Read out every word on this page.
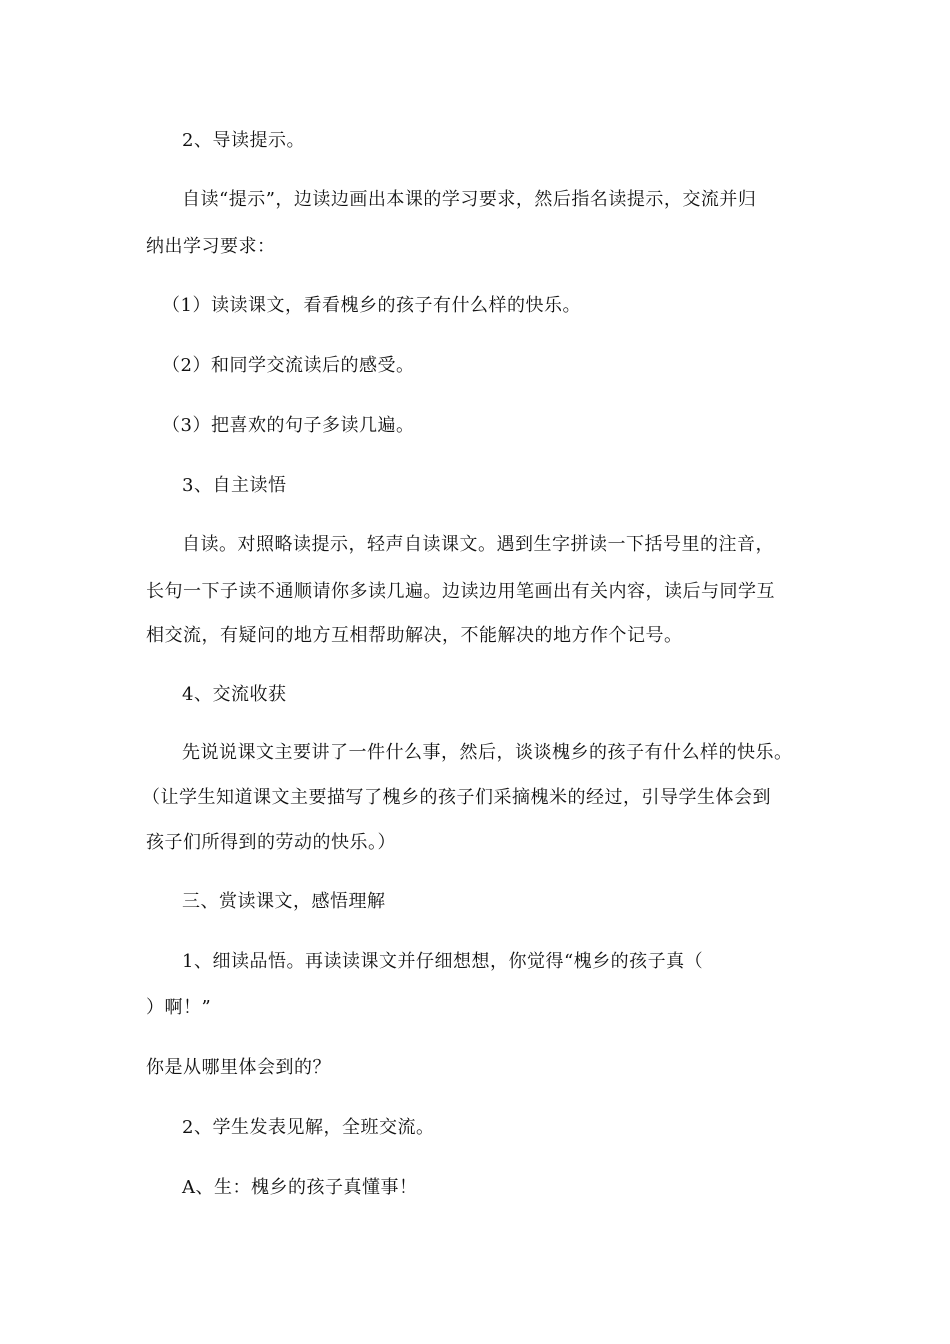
2、导读提示。
自读“提示”，边读边画出本课的学习要求，然后指名读提示，交流并归
纳出学习要求：
（1）读读课文，看看槐乡的孩子有什么样的快乐。
（2）和同学交流读后的感受。
（3）把喜欢的句子多读几遍。
3、自主读悟
自读。对照略读提示，轻声自读课文。遇到生字拼读一下括号里的注音，
长句一下子读不通顺请你多读几遍。边读边用笔画出有关内容，读后与同学互
相交流，有疑问的地方互相帮助解决，不能解决的地方作个记号。
4、交流收获
先说说课文主要讲了一件什么事，然后，谈谈槐乡的孩子有什么样的快乐。
（让学生知道课文主要描写了槐乡的孩子们采摘槐米的经过，引导学生体会到
孩子们所得到的劳动的快乐。）
三、赏读课文，感悟理解
1、细读品悟。再读读课文并仔细想想，你觉得“槐乡的孩子真（
）啊！”
你是从哪里体会到的？
2、学生发表见解，全班交流。
A、生：槐乡的孩子真懂事！
